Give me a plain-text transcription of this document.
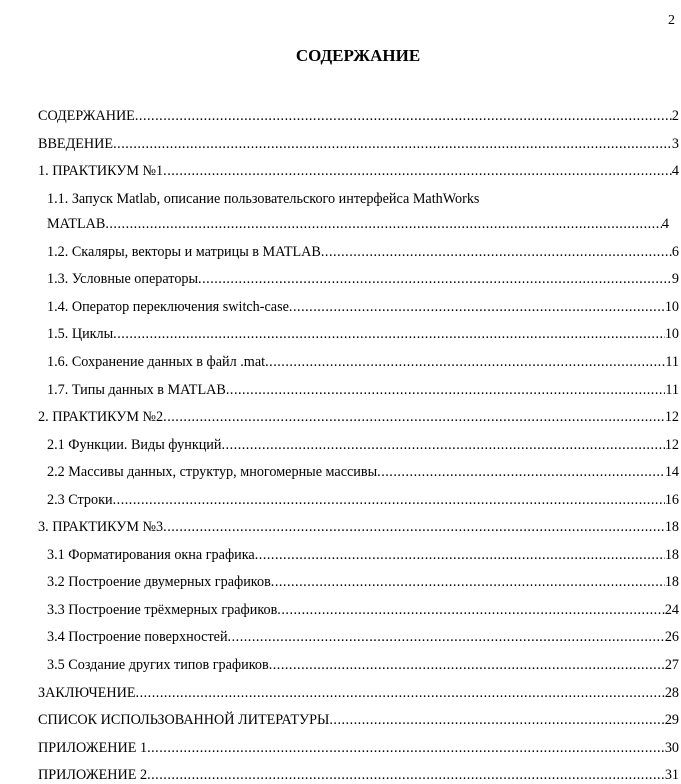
2
СОДЕРЖАНИЕ
СОДЕРЖАНИЕ .....	2
ВВЕДЕНИЕ .....	3
1. ПРАКТИКУМ №1 .....	4
1.1. Запуск Matlab, описание пользовательского интерфейса MathWorks
MATLAB .....	4
1.2. Скаляры, векторы и матрицы в MATLAB .....	6
1.3. Условные операторы .....	9
1.4. Оператор переключения switch-case .....	10
1.5. Циклы .....	10
1.6. Сохранение данных в файл .mat .....	11
1.7. Типы данных в MATLAB .....	11
2. ПРАКТИКУМ №2 .....	12
2.1 Функции. Виды функций .....	12
2.2 Массивы данных, структур, многомерные массивы .....	14
2.3 Строки .....	16
3. ПРАКТИКУМ №3 .....	18
3.1 Форматирования окна графика .....	18
3.2 Построение двумерных графиков .....	18
3.3 Построение трёхмерных графиков .....	24
3.4 Построение поверхностей .....	26
3.5 Создание других типов графиков .....	27
ЗАКЛЮЧЕНИЕ .....	28
СПИСОК ИСПОЛЬЗОВАННОЙ ЛИТЕРАТУРЫ .....	29
ПРИЛОЖЕНИЕ 1 .....	30
ПРИЛОЖЕНИЕ 2 .....	31
